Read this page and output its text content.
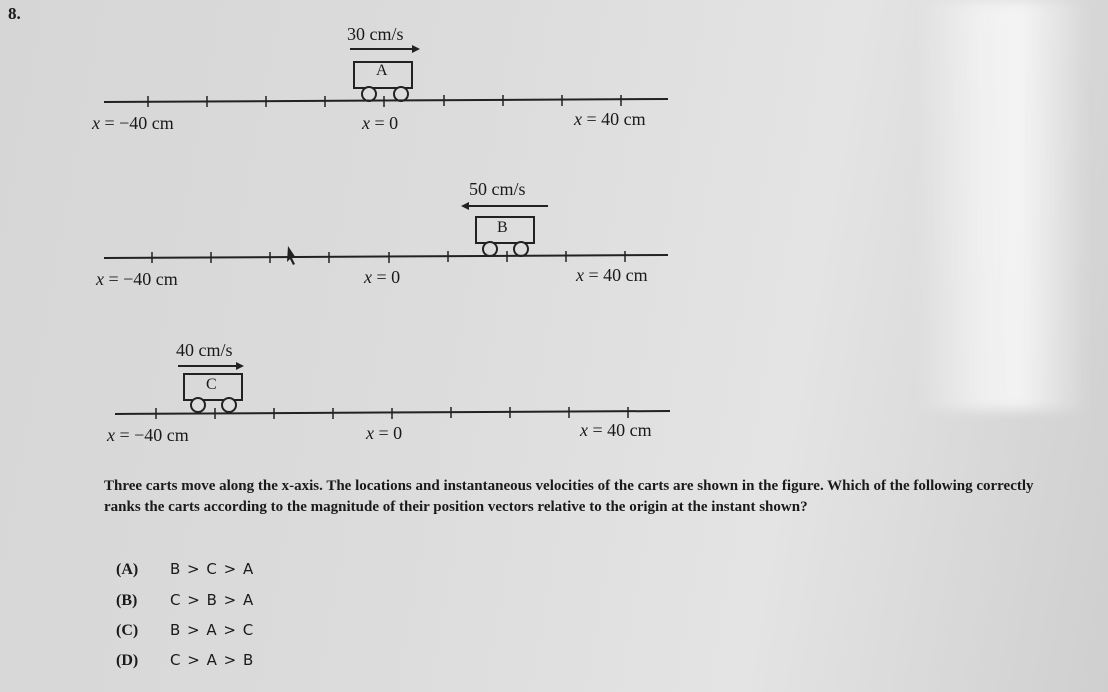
8.
30 cm/s
A
x = −40 cm	x = 0	x = 40 cm
50 cm/s
B
x = −40 cm	x = 0	x = 40 cm
40 cm/s
C
x = −40 cm	x = 0	x = 40 cm
Three carts move along the x-axis. The locations and instantaneous velocities of the carts are shown in the figure. Which of the following correctly ranks the carts according to the magnitude of their position vectors relative to the origin at the instant shown?
(A) B > C > A
(B) C > B > A
(C) B > A > C
(D) C > A > B
